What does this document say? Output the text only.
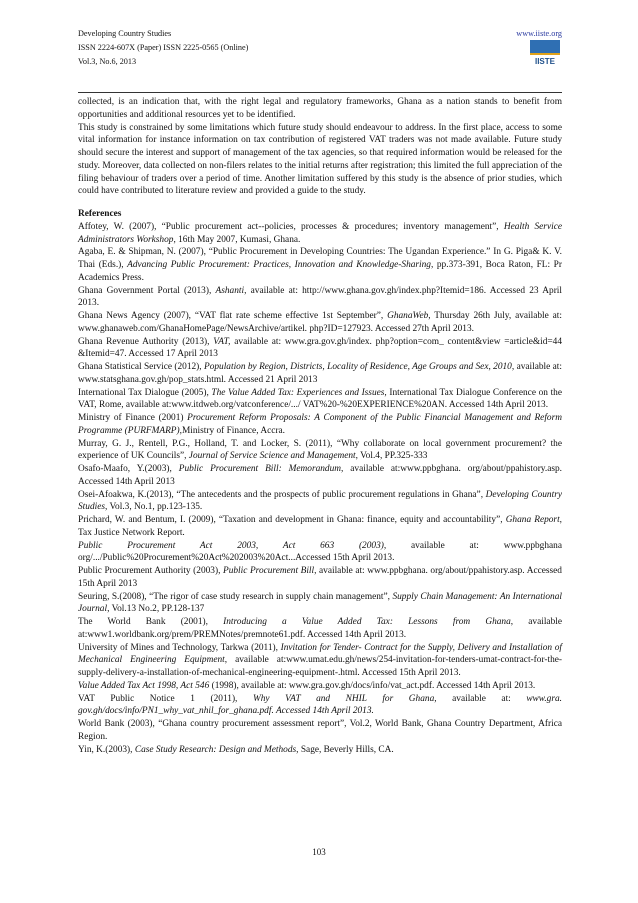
Developing Country Studies
ISSN 2224-607X (Paper) ISSN 2225-0565 (Online)
Vol.3, No.6, 2013
www.iiste.org
IISTE

collected, is an indication that, with the right legal and regulatory frameworks, Ghana as a nation stands to benefit from opportunities and additional resources yet to be identified.

This study is constrained by some limitations which future study should endeavour to address. In the first place, access to some vital information for instance information on tax contribution of registered VAT traders was not made available. Future study should secure the interest and support of management of the tax agencies, so that required information would be released for the study. Moreover, data collected on non-filers relates to the initial returns after registration; this limited the full appreciation of the filing behaviour of traders over a period of time. Another limitation suffered by this study is the absence of prior studies, which could have contributed to literature review and provided a guide to the study.

References

Affotey, W. (2007), “Public procurement act--policies, processes & procedures; inventory management”, Health Service Administrators Workshop, 16th May 2007, Kumasi, Ghana.

Agaba, E. & Shipman, N. (2007), “Public Procurement in Developing Countries: The Ugandan Experience.” In G. Piga& K. V. Thai (Eds.), Advancing Public Procurement: Practices, Innovation and Knowledge-Sharing, pp.373-391, Boca Raton, FL: Pr Academics Press.

Ghana Government Portal (2013), Ashanti, available at: http://www.ghana.gov.gh/index.php?Itemid=186. Accessed 23 April 2013.

Ghana News Agency (2007), “VAT flat rate scheme effective 1st September”, GhanaWeb, Thursday 26th July, available at: www.ghanaweb.com/GhanaHomePage/NewsArchive/artikel. php?ID=127923. Accessed 27th April 2013.

Ghana Revenue Authority (2013), VAT, available at: www.gra.gov.gh/index. php?option=com_ content&view =article&id=44 &Itemid=47. Accessed 17 April 2013

Ghana Statistical Service (2012), Population by Region, Districts, Locality of Residence, Age Groups and Sex, 2010, available at: www.statsghana.gov.gh/pop_stats.html. Accessed 21 April 2013

International Tax Dialogue (2005), The Value Added Tax: Experiences and Issues, International Tax Dialogue Conference on the VAT, Rome, available at:www.itdweb.org/vatconference/.../ VAT%20-%20EXPERIENCE%20AN. Accessed 14th April 2013.

Ministry of Finance (2001) Procurement Reform Proposals: A Component of the Public Financial Management and Reform Programme (PURFMARP),Ministry of Finance, Accra.

Murray, G. J., Rentell, P.G., Holland, T. and Locker, S. (2011), “Why collaborate on local government procurement? the experience of UK Councils”, Journal of Service Science and Management, Vol.4, PP.325-333

Osafo-Maafo, Y.(2003), Public Procurement Bill: Memorandum, available at:www.ppbghana. org/about/ppahistory.asp. Accessed 14th April 2013

Osei-Afoakwa, K.(2013), “The antecedents and the prospects of public procurement regulations in Ghana”, Developing Country Studies, Vol.3, No.1, pp.123-135.

Prichard, W. and Bentum, I. (2009), “Taxation and development in Ghana: finance, equity and accountability”, Ghana Report, Tax Justice Network Report.

Public Procurement Act 2003, Act 663 (2003), available at: www.ppbghana org/.../Public%20Procurement%20Act%202003%20Act...Accessed 15th April 2013.

Public Procurement Authority (2003), Public Procurement Bill, available at: www.ppbghana. org/about/ppahistory.asp. Accessed 15th April 2013

Seuring, S.(2008), “The rigor of case study research in supply chain management”, Supply Chain Management: An International Journal, Vol.13 No.2, PP.128-137

The World Bank (2001), Introducing a Value Added Tax: Lessons from Ghana, available at:www1.worldbank.org/prem/PREMNotes/premnote61.pdf. Accessed 14th April 2013.

University of Mines and Technology, Tarkwa (2011), Invitation for Tender- Contract for the Supply, Delivery and Installation of Mechanical Engineering Equipment, available at:www.umat.edu.gh/news/254-invitation-for-tenders-umat-contract-for-the-supply-delivery-a-installation-of-mechanical-engineering-equipment-.html. Accessed 15th April 2013.

Value Added Tax Act 1998, Act 546 (1998), available at: www.gra.gov.gh/docs/info/vat_act.pdf. Accessed 14th April 2013.

VAT Public Notice 1 (2011), Why VAT and NHIL for Ghana, available at: www.gra. gov.gh/docs/info/PN1_why_vat_nhil_for_ghana.pdf. Accessed 14th April 2013.

World Bank (2003), “Ghana country procurement assessment report”, Vol.2, World Bank, Ghana Country Department, Africa Region.

Yin, K.(2003), Case Study Research: Design and Methods, Sage, Beverly Hills, CA.

103
